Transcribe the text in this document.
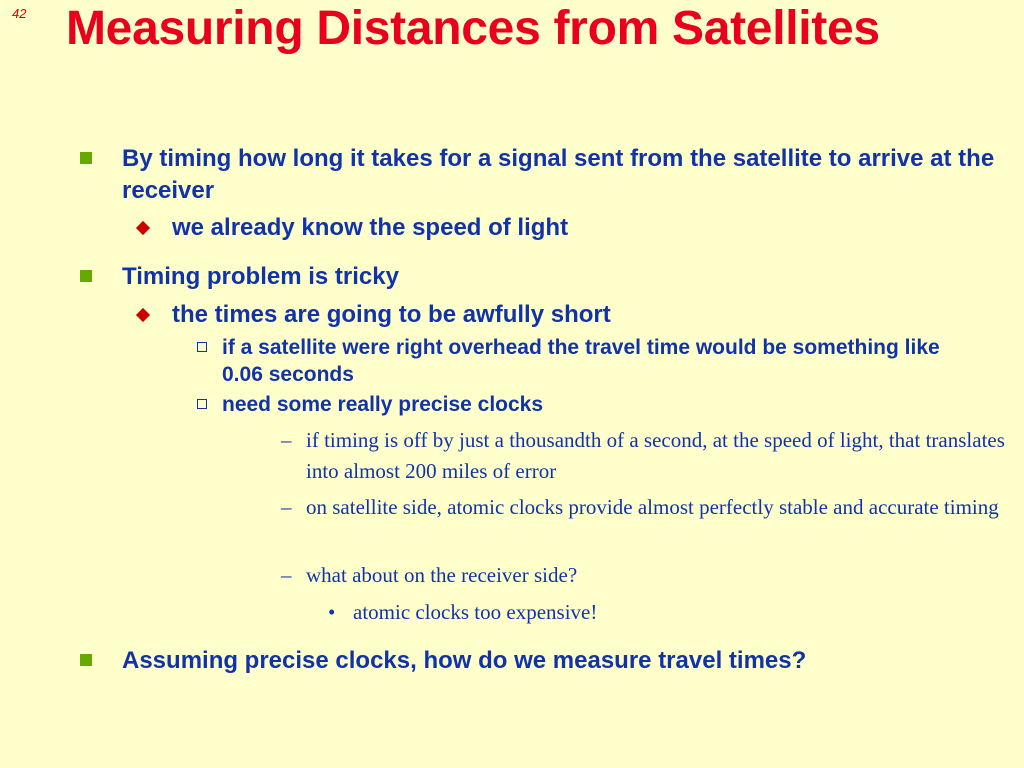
42 Measuring Distances from Satellites
By timing how long it takes for a signal sent from the satellite to arrive at the receiver
we already know the speed of light
Timing problem is tricky
the times are going to be awfully short
if a satellite were right overhead the travel time would be something like 0.06 seconds
need some really precise clocks
– if timing is off by just a thousandth of a second, at the speed of light, that translates into almost 200 miles of error
– on satellite side, atomic clocks provide almost perfectly stable and accurate timing
– what about on the receiver side?
• atomic clocks too expensive!
Assuming precise clocks, how do we measure travel times?
